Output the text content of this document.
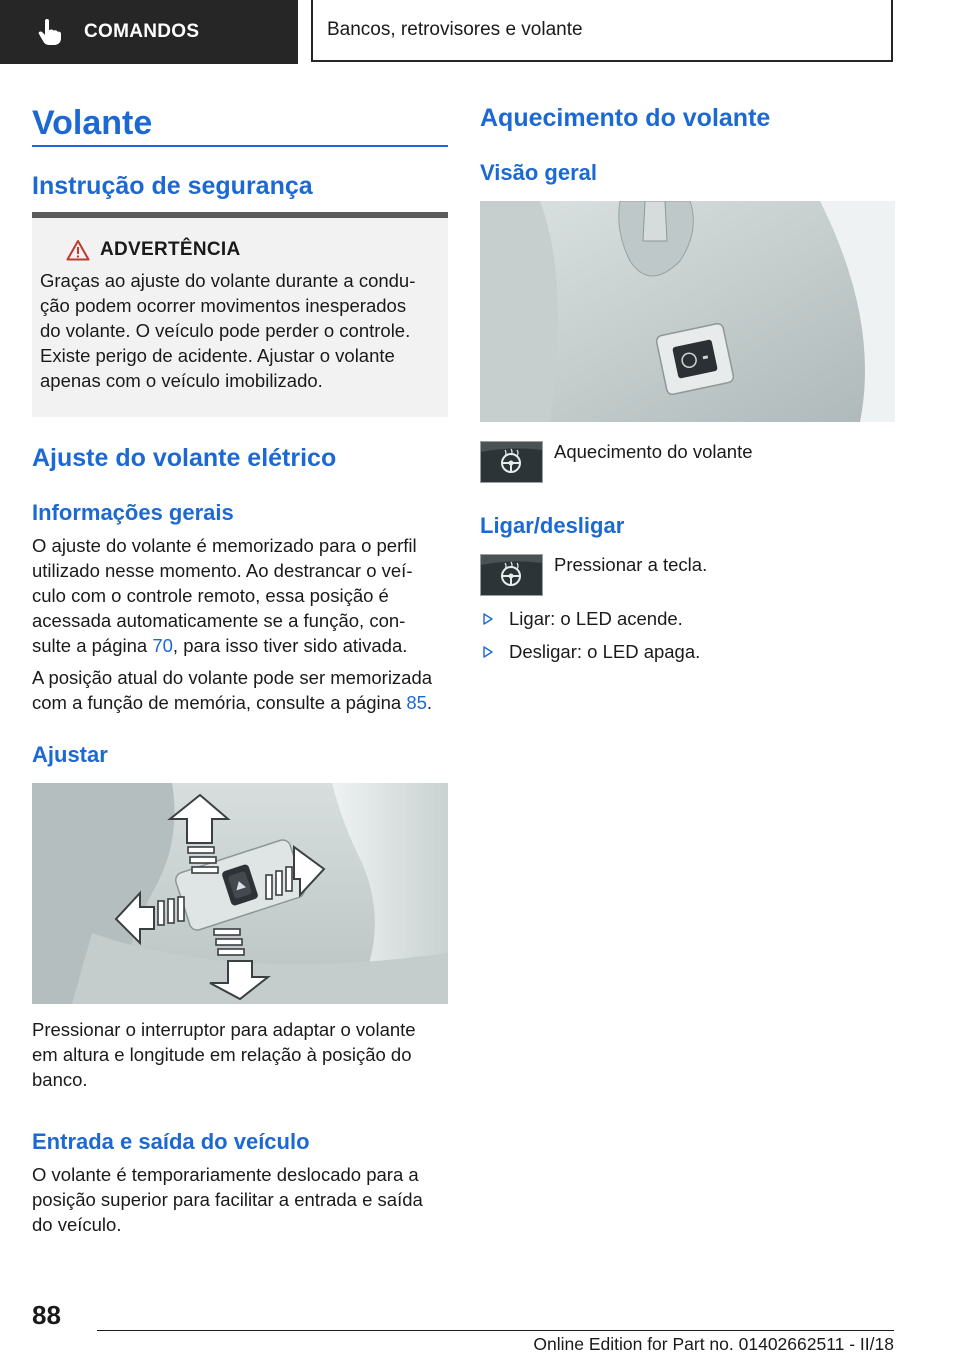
COMANDOS	Bancos, retrovisores e volante
Volante
Instrução de segurança
ADVERTÊNCIA
Graças ao ajuste do volante durante a condu-
ção podem ocorrer movimentos inesperados
do volante. O veículo pode perder o controle.
Existe perigo de acidente. Ajustar o volante
apenas com o veículo imobilizado.
Ajuste do volante elétrico
Informações gerais
O ajuste do volante é memorizado para o perfil
utilizado nesse momento. Ao destrancar o veí-
culo com o controle remoto, essa posição é
acessada automaticamente se a função, con-
sulte a página 70, para isso tiver sido ativada.
A posição atual do volante pode ser memorizada
com a função de memória, consulte a página 85.
Ajustar
Pressionar o interruptor para adaptar o volante
em altura e longitude em relação à posição do
banco.
Entrada e saída do veículo
O volante é temporariamente deslocado para a
posição superior para facilitar a entrada e saída
do veículo.
Aquecimento do volante
Visão geral
Aquecimento do volante
Ligar/desligar
Pressionar a tecla.
Ligar: o LED acende.
Desligar: o LED apaga.
88
Online Edition for Part no. 01402662511 - II/18
